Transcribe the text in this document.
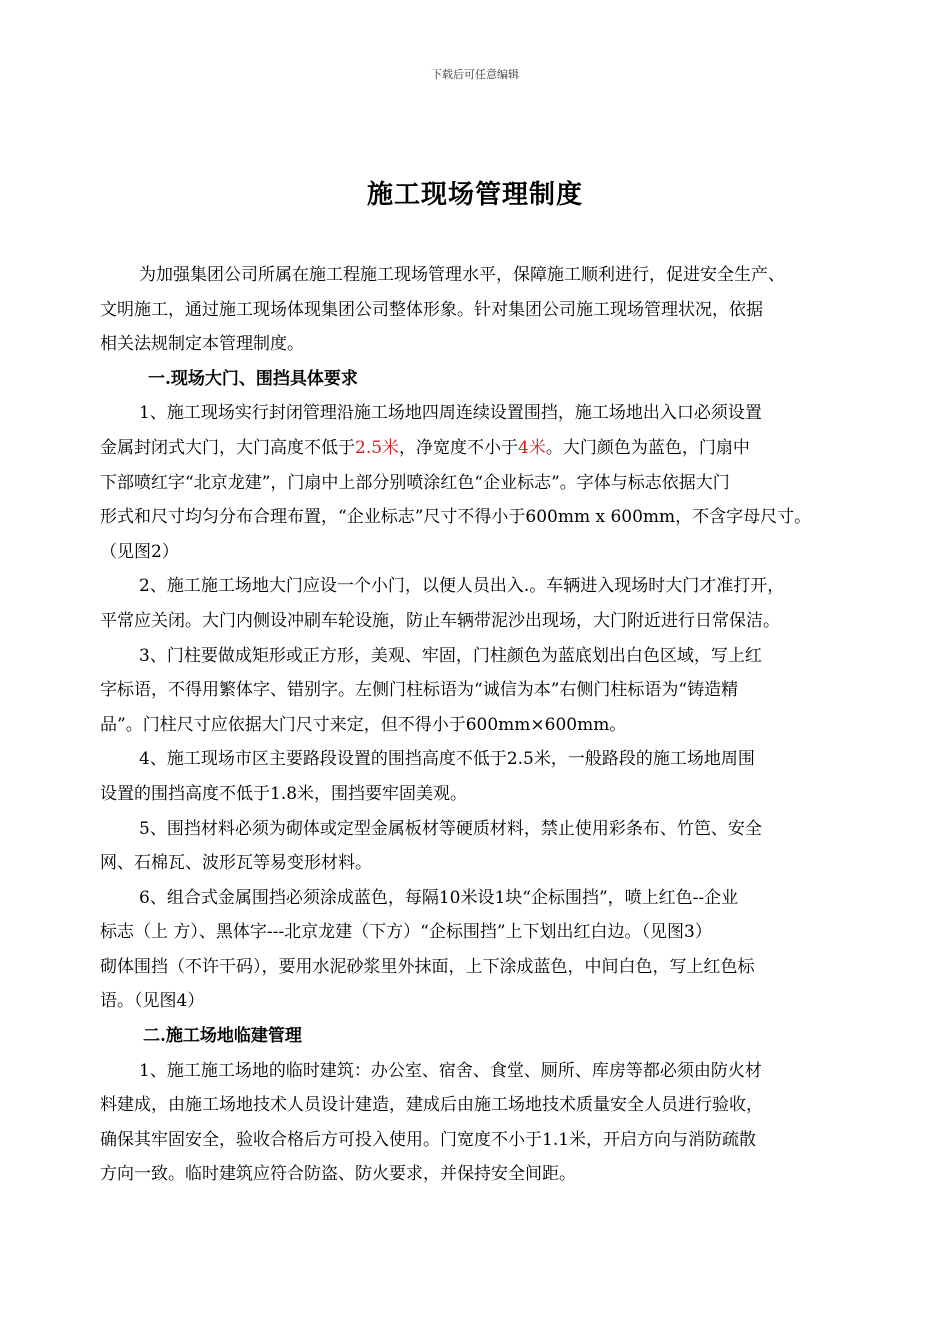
下载后可任意编辑
施工现场管理制度
为加强集团公司所属在施工程施工现场管理水平，保障施工顺利进行，促进安全生产、
文明施工，通过施工现场体现集团公司整体形象。针对集团公司施工现场管理状况，依据
相关法规制定本管理制度。
一.现场大门、围挡具体要求
1、施工现场实行封闭管理沿施工场地四周连续设置围挡，施工场地出入口必须设置
金属封闭式大门，大门高度不低于2.5米，净宽度不小于4米。大门颜色为蓝色，门扇中
下部喷红字“北京龙建”，门扇中上部分别喷涂红色“企业标志”。字体与标志依据大门
形式和尺寸均匀分布合理布置，“企业标志”尺寸不得小于600mm x 600mm，不含字母尺寸。
（见图2）
2、施工施工场地大门应设一个小门，以便人员出入.。车辆进入现场时大门才准打开，
平常应关闭。大门内侧设冲刷车轮设施，防止车辆带泥沙出现场，大门附近进行日常保洁。
3、门柱要做成矩形或正方形，美观、牢固，门柱颜色为蓝底划出白色区域，写上红
字标语，不得用繁体字、错别字。左侧门柱标语为“诚信为本”右侧门柱标语为“铸造精
品”。门柱尺寸应依据大门尺寸来定，但不得小于600mm×600mm。
4、施工现场市区主要路段设置的围挡高度不低于2.5米，一般路段的施工场地周围
设置的围挡高度不低于1.8米，围挡要牢固美观。
5、围挡材料必须为砌体或定型金属板材等硬质材料，禁止使用彩条布、竹笆、安全
网、石棉瓦、波形瓦等易变形材料。
6、组合式金属围挡必须涂成蓝色，每隔10米设1块“企标围挡”，喷上红色--企业
标志（上 方）、黑体字---北京龙建（下方）“企标围挡”上下划出红白边。（见图3）
砌体围挡（不许干码），要用水泥砂浆里外抹面，上下涂成蓝色，中间白色，写上红色标
语。（见图4）
二.施工场地临建管理
1、施工施工场地的临时建筑：办公室、宿舍、食堂、厕所、库房等都必须由防火材
料建成，由施工场地技术人员设计建造，建成后由施工场地技术质量安全人员进行验收，
确保其牢固安全，验收合格后方可投入使用。门宽度不小于1.1米，开启方向与消防疏散
方向一致。临时建筑应符合防盗、防火要求，并保持安全间距。
